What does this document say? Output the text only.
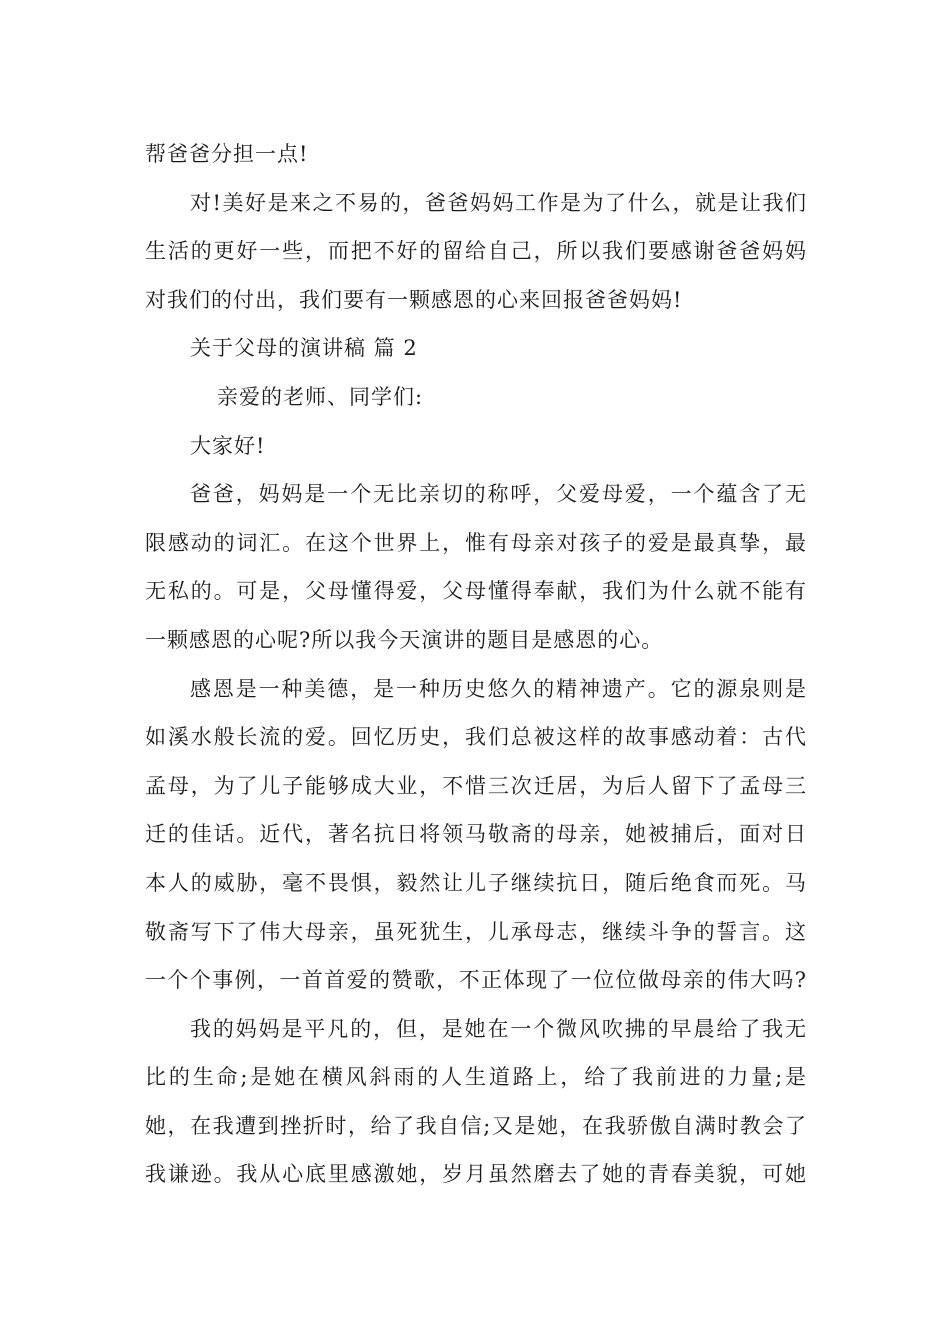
帮爸爸分担一点!
对!美好是来之不易的，爸爸妈妈工作是为了什么，就是让我们
生活的更好一些，而把不好的留给自己，所以我们要感谢爸爸妈妈
对我们的付出，我们要有一颗感恩的心来回报爸爸妈妈!
关于父母的演讲稿 篇 2
亲爱的老师、同学们:
大家好!
爸爸，妈妈是一个无比亲切的称呼，父爱母爱，一个蕴含了无
限感动的词汇。在这个世界上，惟有母亲对孩子的爱是最真挚，最
无私的。可是，父母懂得爱，父母懂得奉献，我们为什么就不能有
一颗感恩的心呢?所以我今天演讲的题目是感恩的心。
感恩是一种美德，是一种历史悠久的精神遗产。它的源泉则是
如溪水般长流的爱。回忆历史，我们总被这样的故事感动着：古代
孟母，为了儿子能够成大业，不惜三次迁居，为后人留下了孟母三
迁的佳话。近代，著名抗日将领马敬斋的母亲，她被捕后，面对日
本人的威胁，毫不畏惧，毅然让儿子继续抗日，随后绝食而死。马
敬斋写下了伟大母亲，虽死犹生，儿承母志，继续斗争的誓言。这
一个个事例，一首首爱的赞歌，不正体现了一位位做母亲的伟大吗?
我的妈妈是平凡的，但，是她在一个微风吹拂的早晨给了我无
比的生命;是她在横风斜雨的人生道路上，给了我前进的力量;是
她，在我遭到挫折时，给了我自信;又是她，在我骄傲自满时教会了
我谦逊。我从心底里感激她，岁月虽然磨去了她的青春美貌，可她
